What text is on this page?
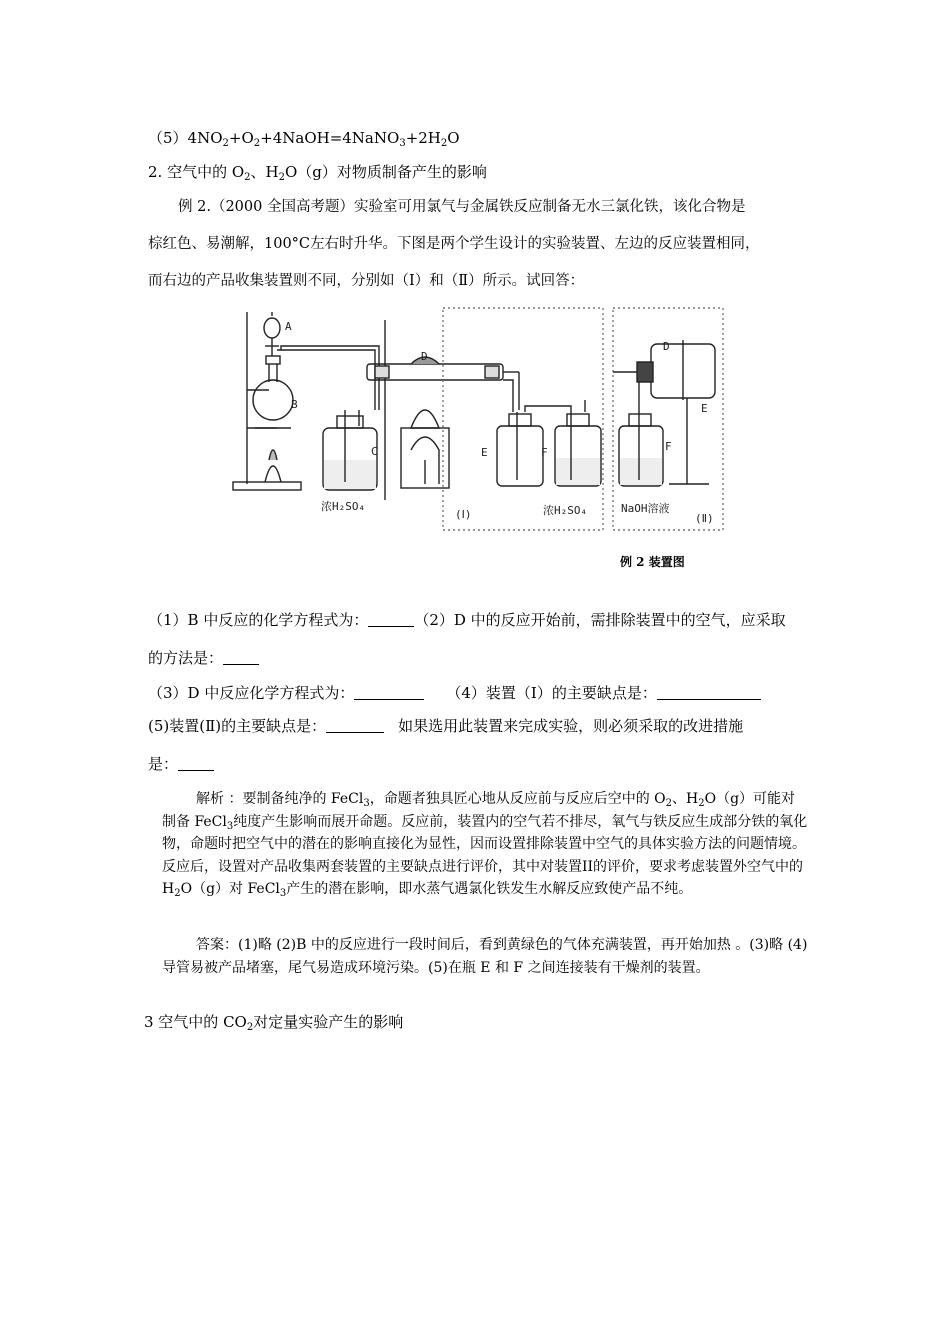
$(5)4NO_2+O_2+4NaOH=4NaNO_3+2H_2O$
2. 空气中的 $O_2$、$H_2O(g)$对物质制备产生的影响
例 2.（2000 全国高考题）实验室可用氯气与金属铁反应制备无水三氯化铁，该化合物是
棕红色、易潮解，100°C左右时升华。下图是两个学生设计的实验装置、左边的反应装置相同，
而右边的产品收集装置则不同，分别如（Ⅰ）和（Ⅱ）所示。试回答：
A
B
C
D
E	F
D
E
F
浓H₂SO₄	浓H₂SO₄	NaOH溶液
(Ⅰ)	(Ⅱ)
例 2 装置图
（1）B 中反应的化学方程式为：	（2）D 中的反应开始前，需排除装置中的空气，应采取
的方法是：
（3）D 中反应化学方程式为：	（4）装置（Ⅰ）的主要缺点是：
(5)装置(Ⅱ)的主要缺点是：	如果选用此装置来完成实验，则必须采取的改进措施
是：
解析 ：要制备纯净的 FeCl$_3$，命题者独具匠心地从反应前与反应后空中的 $O_2$、$H_2O(g)$可能对制备 FeCl$_3$纯度产生影响而展开命题。反应前，装置内的空气若不排尽，氧气与铁反应生成部分铁的氧化物，命题时把空气中的潜在的影响直接化为显性，因而设置排除装置中空气的具体实验方法的问题情境。反应后，设置对产品收集两套装置的主要缺点进行评价，其中对装置II的评价，要求考虑装置外空气中的 $H_2O(g)$对 FeCl$_3$产生的潜在影响，即水蒸气遇氯化铁发生水解反应致使产品不纯。
答案：(1)略 (2)B 中的反应进行一段时间后，看到黄绿色的气体充满装置，再开始加热 。(3)略 (4)导管易被产品堵塞，尾气易造成环境污染。(5)在瓶 E 和 F 之间连接装有干燥剂的装置。
3 空气中的 $CO_2$对定量实验产生的影响
